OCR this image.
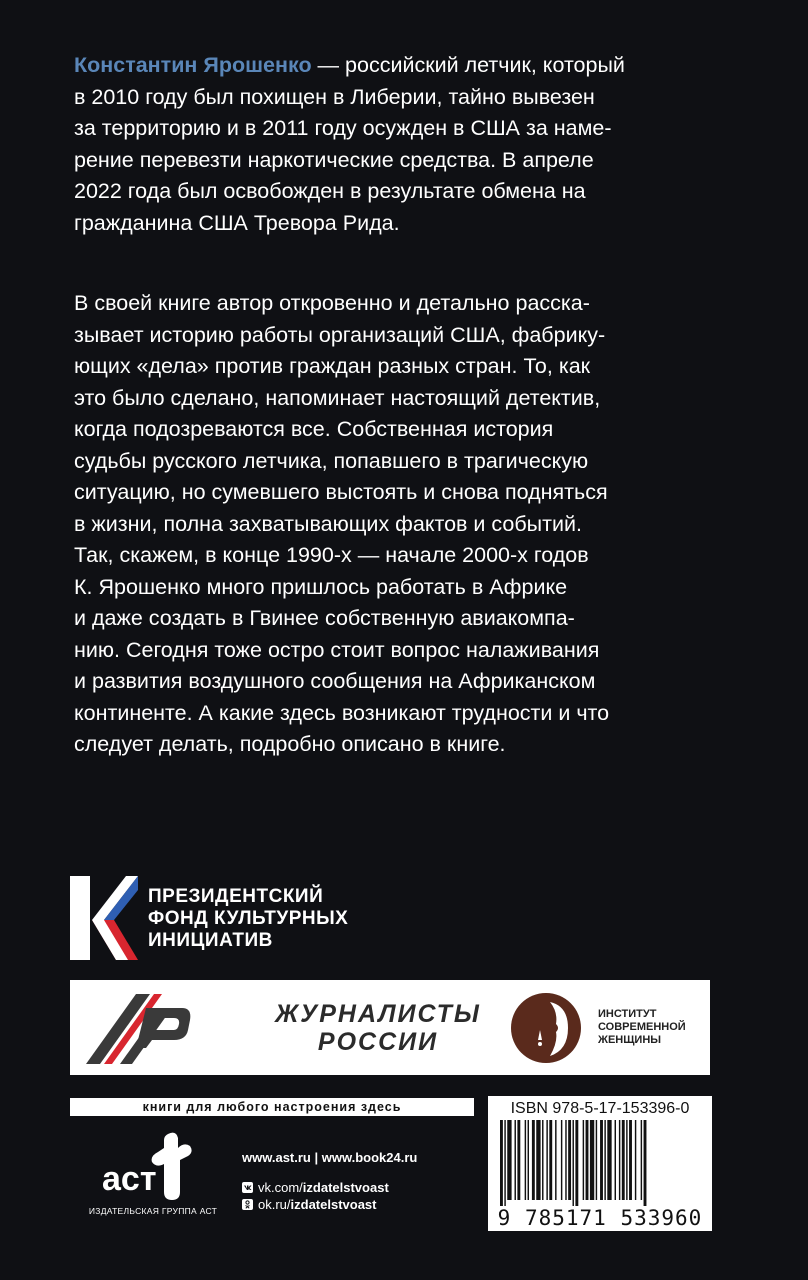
Константин Ярошенко — российский летчик, который
в 2010 году был похищен в Либерии, тайно вывезен
за территорию и в 2011 году осужден в США за наме-
рение перевезти наркотические средства. В апреле
2022 года был освобожден в результате обмена на
гражданина США Тревора Рида.
В своей книге автор откровенно и детально расска-
зывает историю работы организаций США, фабрику-
ющих «дела» против граждан разных стран. То, как
это было сделано, напоминает настоящий детектив,
когда подозреваются все. Собственная история
судьбы русского летчика, попавшего в трагическую
ситуацию, но сумевшего выстоять и снова подняться
в жизни, полна захватывающих фактов и событий.
Так, скажем, в конце 1990-х — начале 2000-х годов
К. Ярошенко много пришлось работать в Африке
и даже создать в Гвинее собственную авиакомпа-
нию. Сегодня тоже остро стоит вопрос налаживания
и развития воздушного сообщения на Африканском
континенте. А какие здесь возникают трудности и что
следует делать, подробно описано в книге.
ПРЕЗИДЕНТСКИЙ
ФОНД КУЛЬТУРНЫХ
ИНИЦИАТИВ
ЖУРНАЛИСТЫ
РОССИИ
ИНСТИТУТ
СОВРЕМЕННОЙ
ЖЕНЩИНЫ
книги для любого настроения здесь
аст
ИЗДАТЕЛЬСКАЯ ГРУППА АСТ
www.ast.ru | www.book24.ru
vk.com/ izdatelstvoast
ok.ru/ izdatelstvoast
ISBN 978-5-17-153396-0
9 785171 533960
